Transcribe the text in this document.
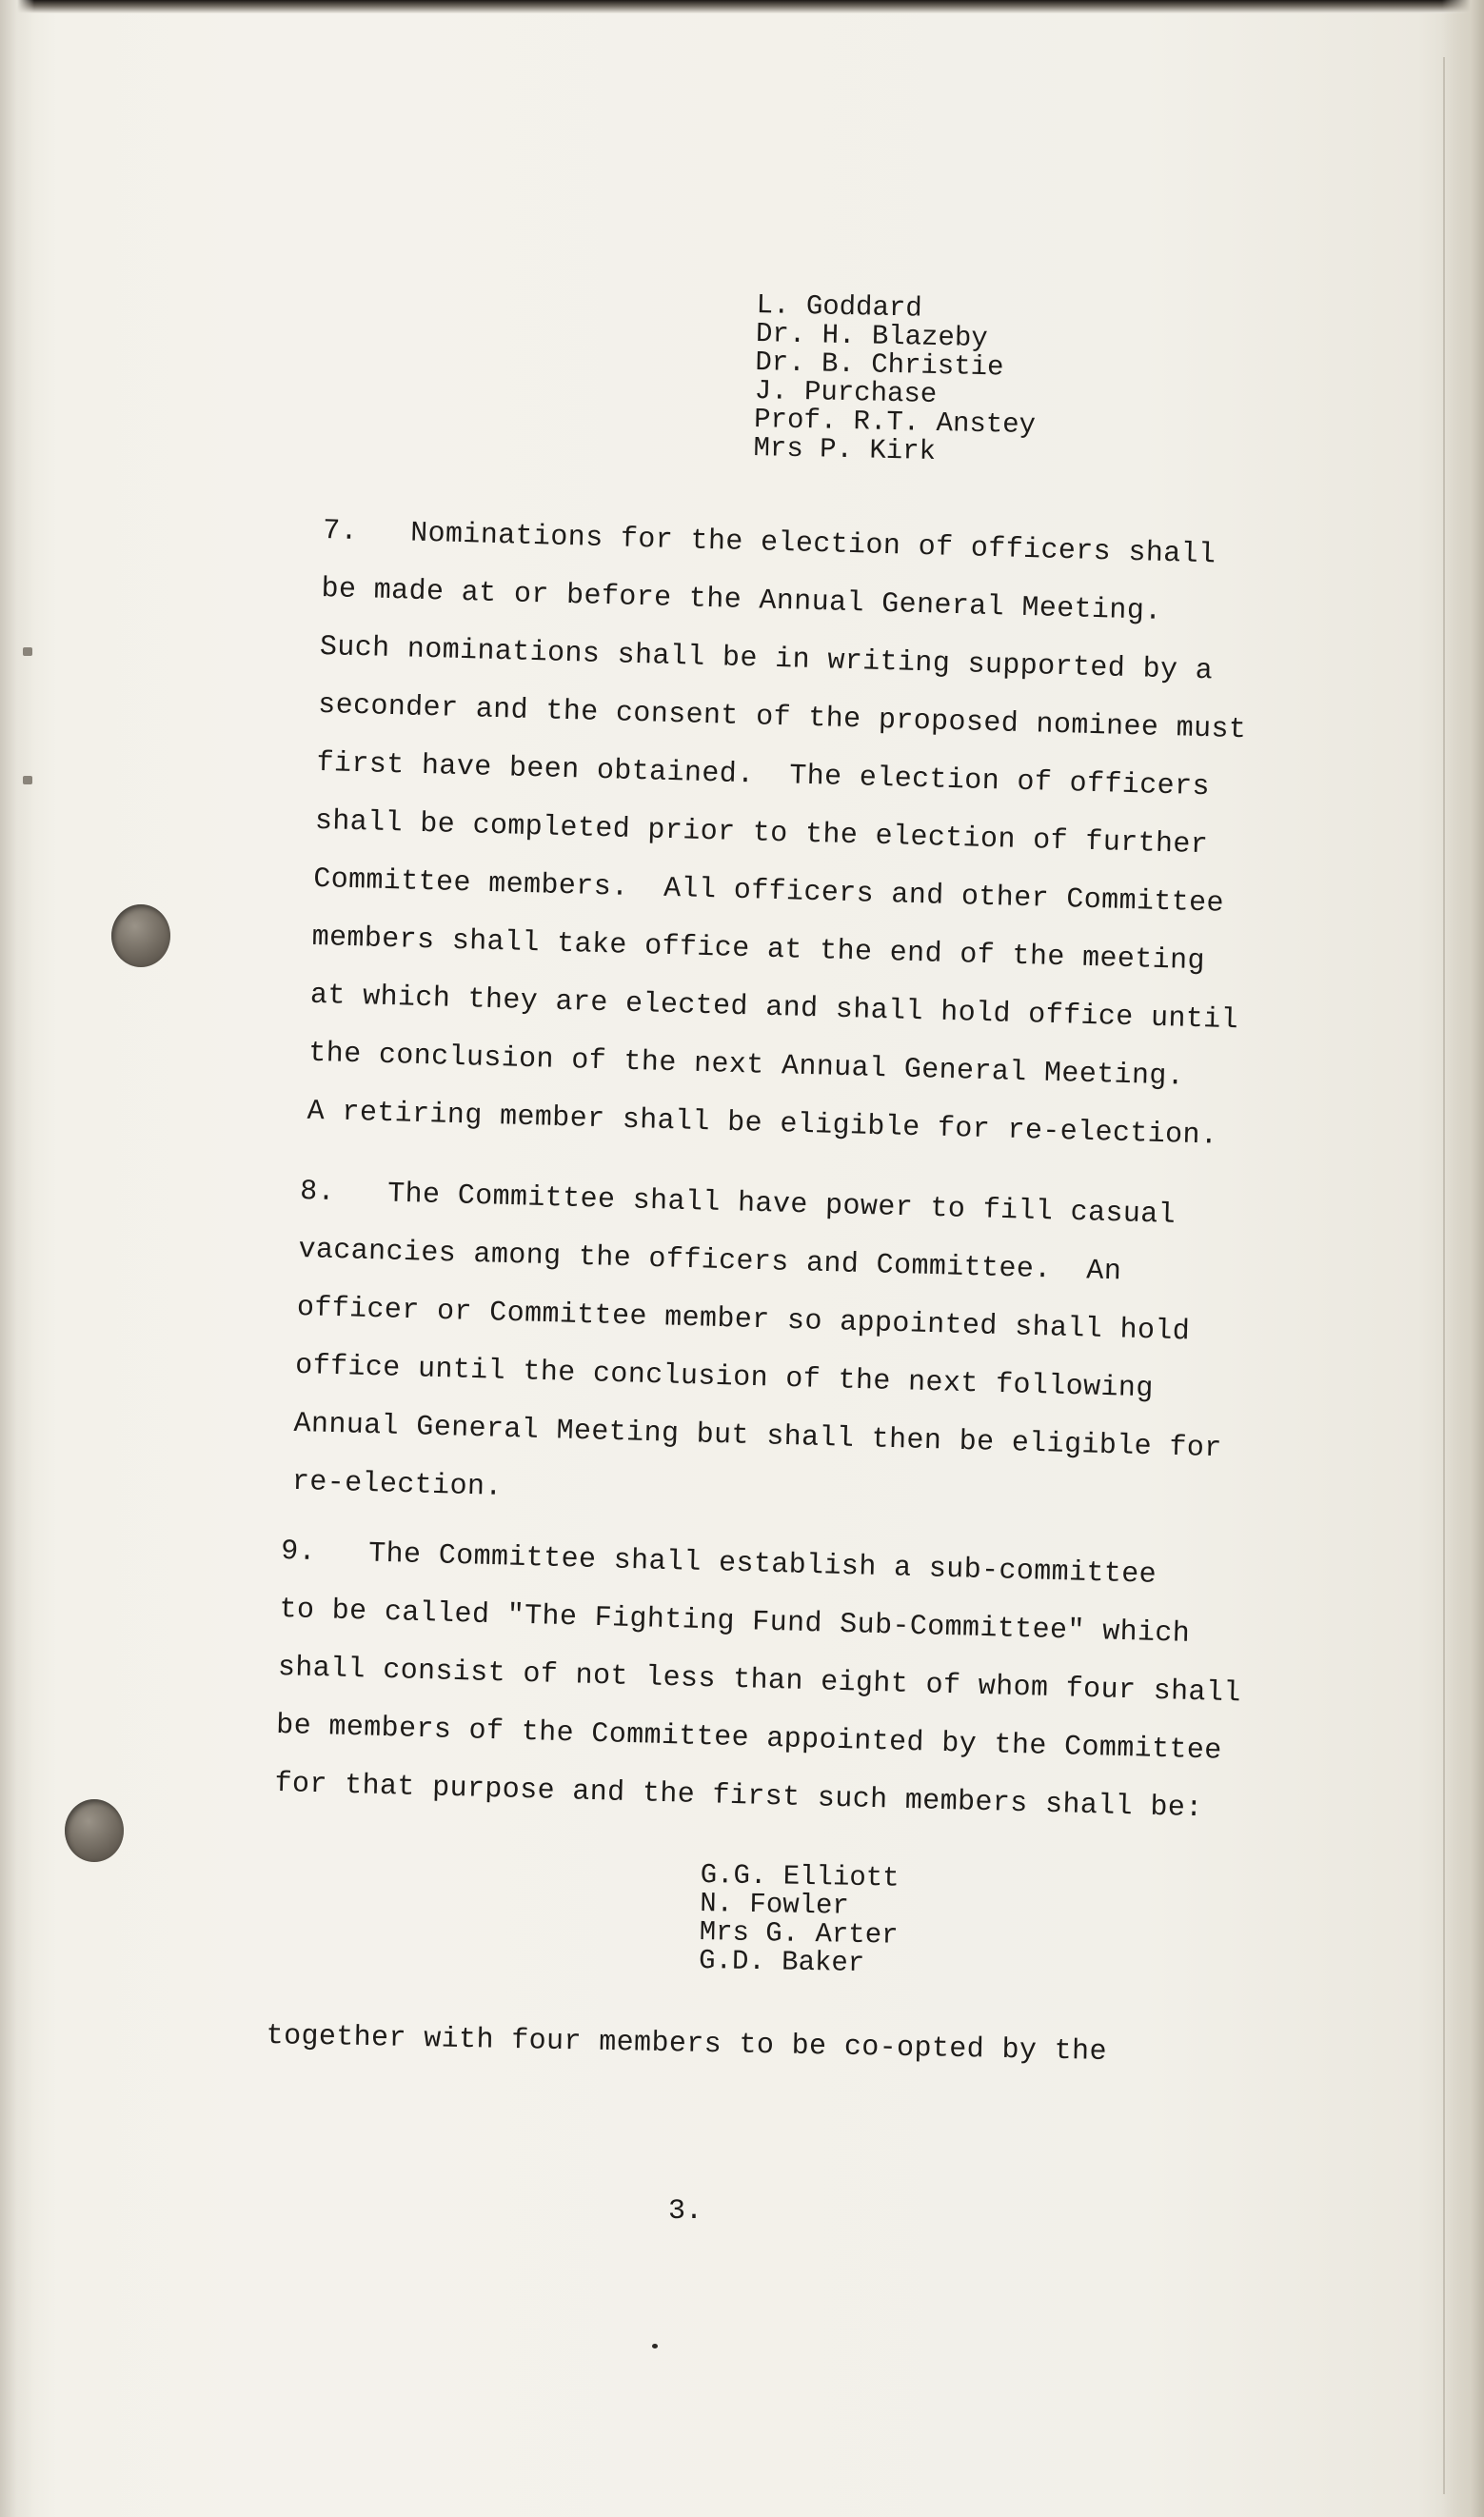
L. Goddard
Dr. H. Blazeby
Dr. B. Christie
J. Purchase
Prof. R.T. Anstey
Mrs P. Kirk
7.   Nominations for the election of officers shall
be made at or before the Annual General Meeting.
Such nominations shall be in writing supported by a
seconder and the consent of the proposed nominee must
first have been obtained.  The election of officers
shall be completed prior to the election of further
Committee members.  All officers and other Committee
members shall take office at the end of the meeting
at which they are elected and shall hold office until
the conclusion of the next Annual General Meeting.
A retiring member shall be eligible for re-election.
8.   The Committee shall have power to fill casual
vacancies among the officers and Committee.  An
officer or Committee member so appointed shall hold
office until the conclusion of the next following
Annual General Meeting but shall then be eligible for
re-election.
9.   The Committee shall establish a sub-committee
to be called "The Fighting Fund Sub-Committee" which
shall consist of not less than eight of whom four shall
be members of the Committee appointed by the Committee
for that purpose and the first such members shall be:
G.G. Elliott
N. Fowler
Mrs G. Arter
G.D. Baker
together with four members to be co-opted by the
3.
